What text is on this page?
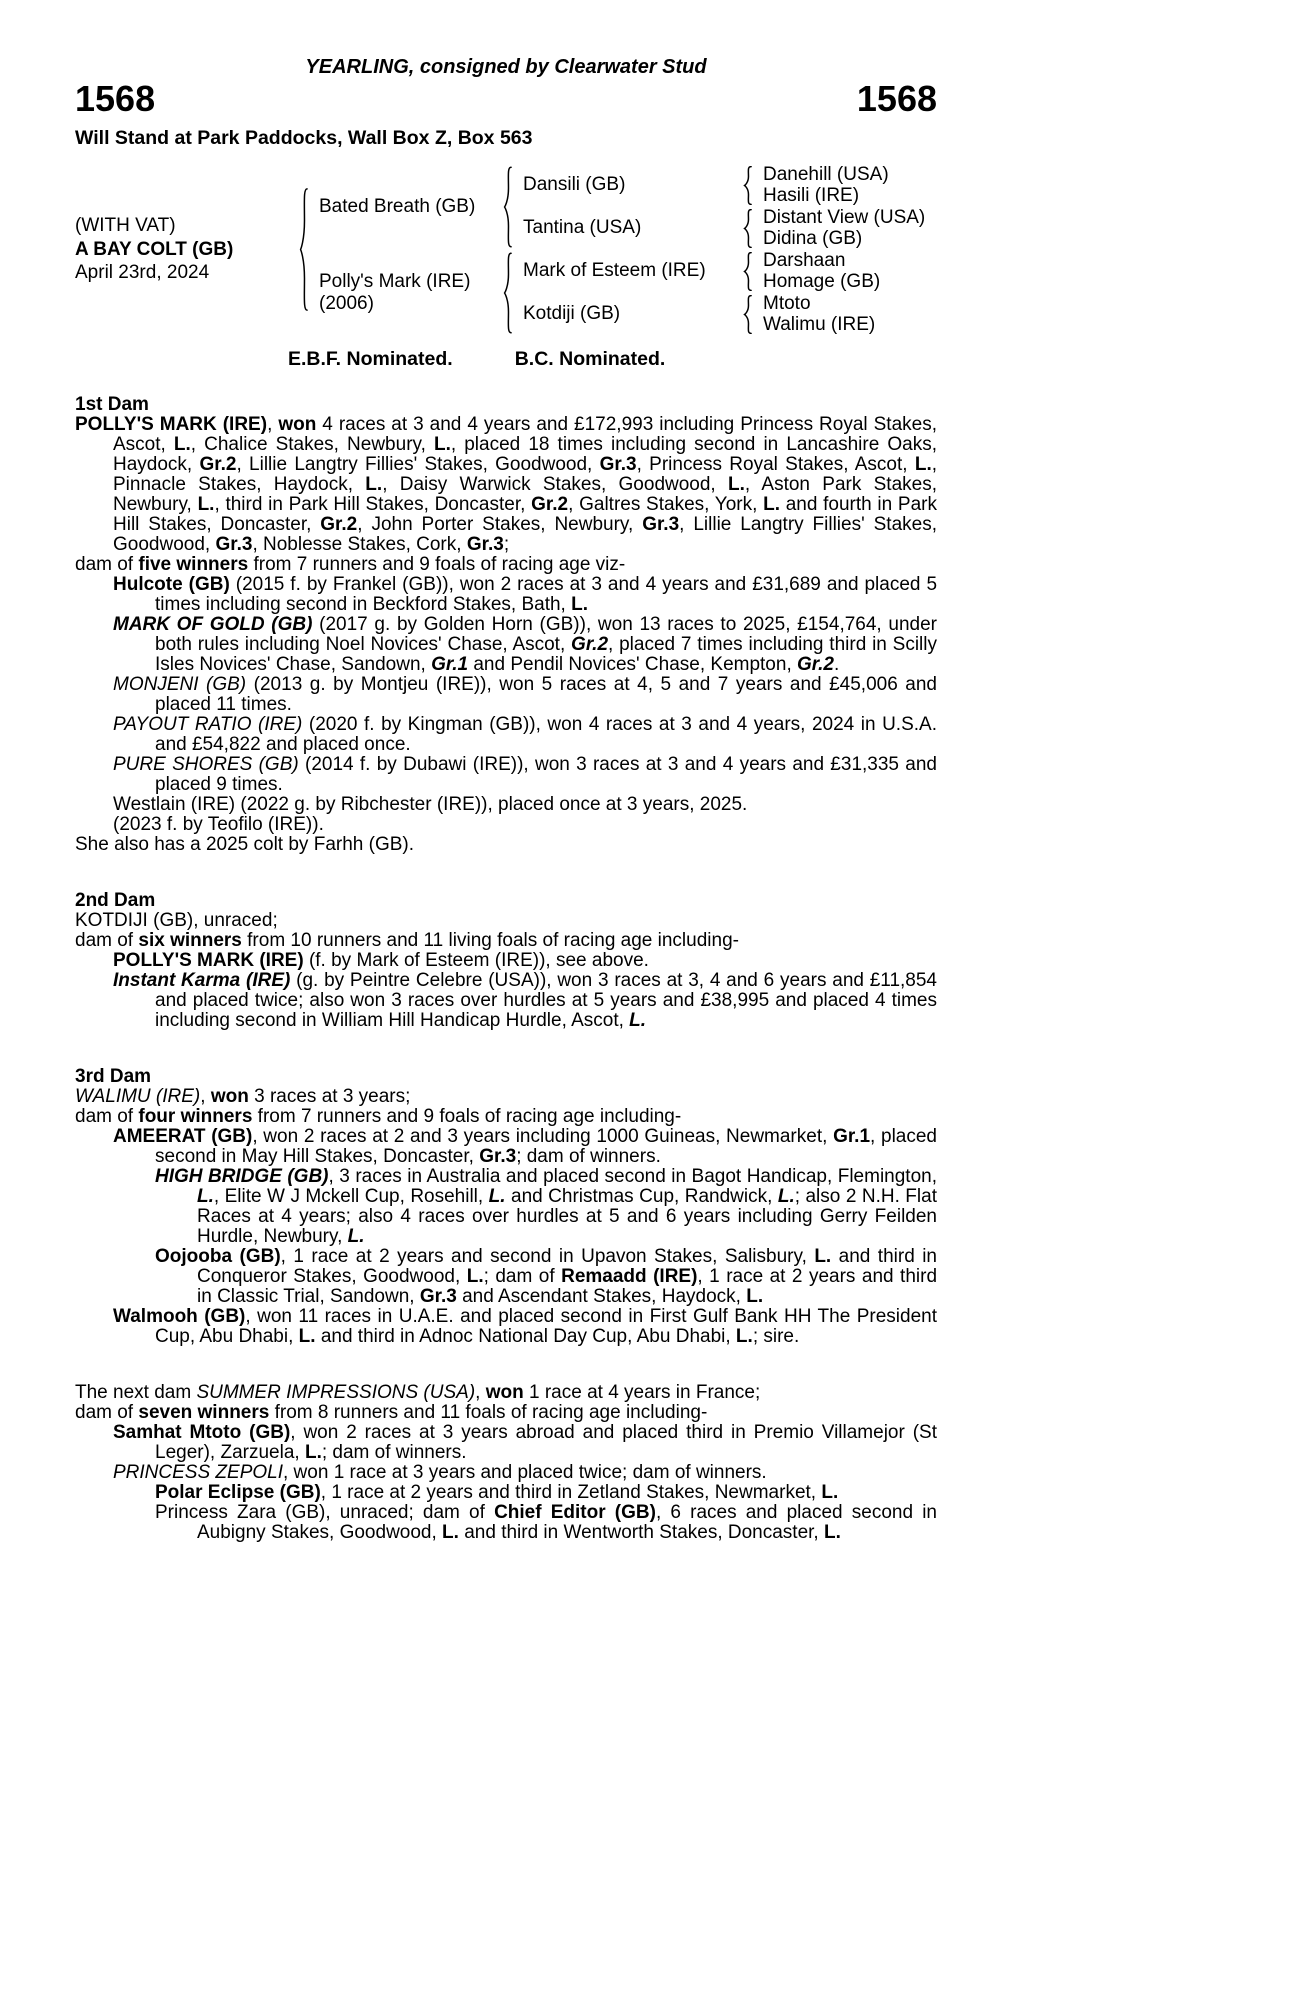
YEARLING, consigned by Clearwater Stud
1568	1568
Will Stand at Park Paddocks, Wall Box Z, Box 563
(WITH VAT)
A BAY COLT (GB)
April 23rd, 2024
Bated Breath (GB)
Polly's Mark (IRE)
(2006)
Dansili (GB)
Tantina (USA)
Mark of Esteem (IRE)
Kotdiji (GB)
Danehill (USA)
Hasili (IRE)
Distant View (USA)
Didina (GB)
Darshaan
Homage (GB)
Mtoto
Walimu (IRE)
E.B.F. Nominated.	B.C. Nominated.
1st Dam
POLLY'S MARK (IRE), won 4 races at 3 and 4 years and £172,993 including Princess Royal Stakes, Ascot, L., Chalice Stakes, Newbury, L., placed 18 times including second in Lancashire Oaks, Haydock, Gr.2, Lillie Langtry Fillies' Stakes, Goodwood, Gr.3, Princess Royal Stakes, Ascot, L., Pinnacle Stakes, Haydock, L., Daisy Warwick Stakes, Goodwood, L., Aston Park Stakes, Newbury, L., third in Park Hill Stakes, Doncaster, Gr.2, Galtres Stakes, York, L. and fourth in Park Hill Stakes, Doncaster, Gr.2, John Porter Stakes, Newbury, Gr.3, Lillie Langtry Fillies' Stakes, Goodwood, Gr.3, Noblesse Stakes, Cork, Gr.3;
dam of five winners from 7 runners and 9 foals of racing age viz-
Hulcote (GB) (2015 f. by Frankel (GB)), won 2 races at 3 and 4 years and £31,689 and placed 5 times including second in Beckford Stakes, Bath, L.
MARK OF GOLD (GB) (2017 g. by Golden Horn (GB)), won 13 races to 2025, £154,764, under both rules including Noel Novices' Chase, Ascot, Gr.2, placed 7 times including third in Scilly Isles Novices' Chase, Sandown, Gr.1 and Pendil Novices' Chase, Kempton, Gr.2.
MONJENI (GB) (2013 g. by Montjeu (IRE)), won 5 races at 4, 5 and 7 years and £45,006 and placed 11 times.
PAYOUT RATIO (IRE) (2020 f. by Kingman (GB)), won 4 races at 3 and 4 years, 2024 in U.S.A. and £54,822 and placed once.
PURE SHORES (GB) (2014 f. by Dubawi (IRE)), won 3 races at 3 and 4 years and £31,335 and placed 9 times.
Westlain (IRE) (2022 g. by Ribchester (IRE)), placed once at 3 years, 2025.
(2023 f. by Teofilo (IRE)).
She also has a 2025 colt by Farhh (GB).
2nd Dam
KOTDIJI (GB), unraced;
dam of six winners from 10 runners and 11 living foals of racing age including-
POLLY'S MARK (IRE) (f. by Mark of Esteem (IRE)), see above.
Instant Karma (IRE) (g. by Peintre Celebre (USA)), won 3 races at 3, 4 and 6 years and £11,854 and placed twice; also won 3 races over hurdles at 5 years and £38,995 and placed 4 times including second in William Hill Handicap Hurdle, Ascot, L.
3rd Dam
WALIMU (IRE), won 3 races at 3 years;
dam of four winners from 7 runners and 9 foals of racing age including-
AMEERAT (GB), won 2 races at 2 and 3 years including 1000 Guineas, Newmarket, Gr.1, placed second in May Hill Stakes, Doncaster, Gr.3; dam of winners.
HIGH BRIDGE (GB), 3 races in Australia and placed second in Bagot Handicap, Flemington, L., Elite W J Mckell Cup, Rosehill, L. and Christmas Cup, Randwick, L.; also 2 N.H. Flat Races at 4 years; also 4 races over hurdles at 5 and 6 years including Gerry Feilden Hurdle, Newbury, L.
Oojooba (GB), 1 race at 2 years and second in Upavon Stakes, Salisbury, L. and third in Conqueror Stakes, Goodwood, L.; dam of Remaadd (IRE), 1 race at 2 years and third in Classic Trial, Sandown, Gr.3 and Ascendant Stakes, Haydock, L.
Walmooh (GB), won 11 races in U.A.E. and placed second in First Gulf Bank HH The President Cup, Abu Dhabi, L. and third in Adnoc National Day Cup, Abu Dhabi, L.; sire.
The next dam SUMMER IMPRESSIONS (USA), won 1 race at 4 years in France;
dam of seven winners from 8 runners and 11 foals of racing age including-
Samhat Mtoto (GB), won 2 races at 3 years abroad and placed third in Premio Villamejor (St Leger), Zarzuela, L.; dam of winners.
PRINCESS ZEPOLI, won 1 race at 3 years and placed twice; dam of winners.
Polar Eclipse (GB), 1 race at 2 years and third in Zetland Stakes, Newmarket, L.
Princess Zara (GB), unraced; dam of Chief Editor (GB), 6 races and placed second in Aubigny Stakes, Goodwood, L. and third in Wentworth Stakes, Doncaster, L.
